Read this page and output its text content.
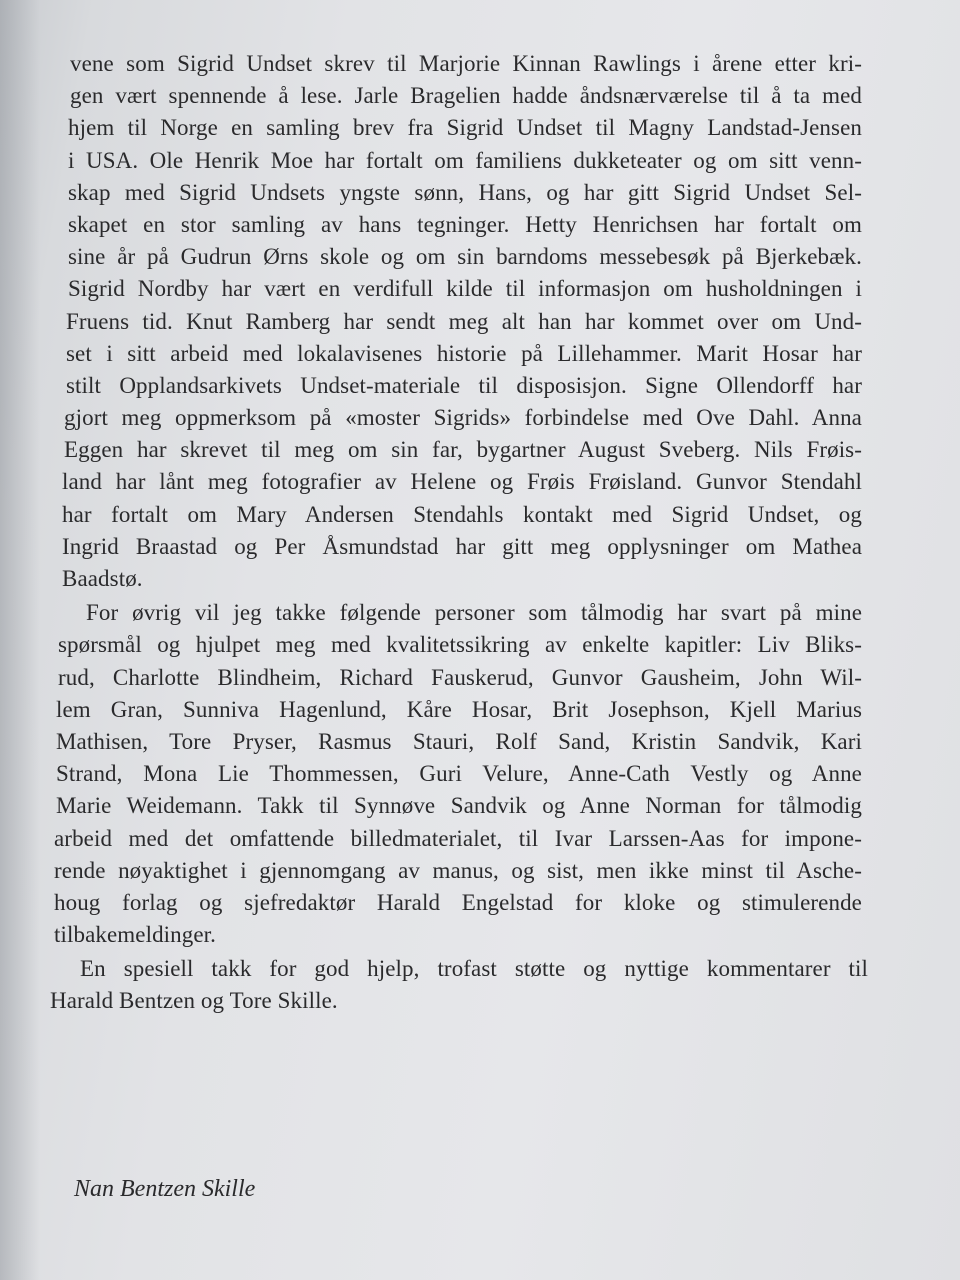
vene som Sigrid Undset skrev til Marjorie Kinnan Rawlings i årene etter kri-
gen vært spennende å lese. Jarle Bragelien hadde åndsnærværelse til å ta med
hjem til Norge en samling brev fra Sigrid Undset til Magny Landstad-Jensen
i USA. Ole Henrik Moe har fortalt om familiens dukketeater og om sitt venn-
skap med Sigrid Undsets yngste sønn, Hans, og har gitt Sigrid Undset Sel-
skapet en stor samling av hans tegninger. Hetty Henrichsen har fortalt om
sine år på Gudrun Ørns skole og om sin barndoms messebesøk på Bjerkebæk.
Sigrid Nordby har vært en verdifull kilde til informasjon om husholdningen i
Fruens tid. Knut Ramberg har sendt meg alt han har kommet over om Und-
set i sitt arbeid med lokalavisenes historie på Lillehammer. Marit Hosar har
stilt Opplandsarkivets Undset-materiale til disposisjon. Signe Ollendorff har
gjort meg oppmerksom på «moster Sigrids» forbindelse med Ove Dahl. Anna
Eggen har skrevet til meg om sin far, bygartner August Sveberg. Nils Frøis-
land har lånt meg fotografier av Helene og Frøis Frøisland. Gunvor Stendahl
har fortalt om Mary Andersen Stendahls kontakt med Sigrid Undset, og
Ingrid Braastad og Per Åsmundstad har gitt meg opplysninger om Mathea
Baadstø.
For øvrig vil jeg takke følgende personer som tålmodig har svart på mine
spørsmål og hjulpet meg med kvalitetssikring av enkelte kapitler: Liv Bliks-
rud, Charlotte Blindheim, Richard Fauskerud, Gunvor Gausheim, John Wil-
lem Gran, Sunniva Hagenlund, Kåre Hosar, Brit Josephson, Kjell Marius
Mathisen, Tore Pryser, Rasmus Stauri, Rolf Sand, Kristin Sandvik, Kari
Strand, Mona Lie Thommessen, Guri Velure, Anne-Cath Vestly og Anne
Marie Weidemann. Takk til Synnøve Sandvik og Anne Norman for tålmodig
arbeid med det omfattende billedmaterialet, til Ivar Larssen-Aas for impone-
rende nøyaktighet i gjennomgang av manus, og sist, men ikke minst til Asche-
houg forlag og sjefredaktør Harald Engelstad for kloke og stimulerende
tilbakemeldinger.
En spesiell takk for god hjelp, trofast støtte og nyttige kommentarer til
Harald Bentzen og Tore Skille.
Nan Bentzen Skille
